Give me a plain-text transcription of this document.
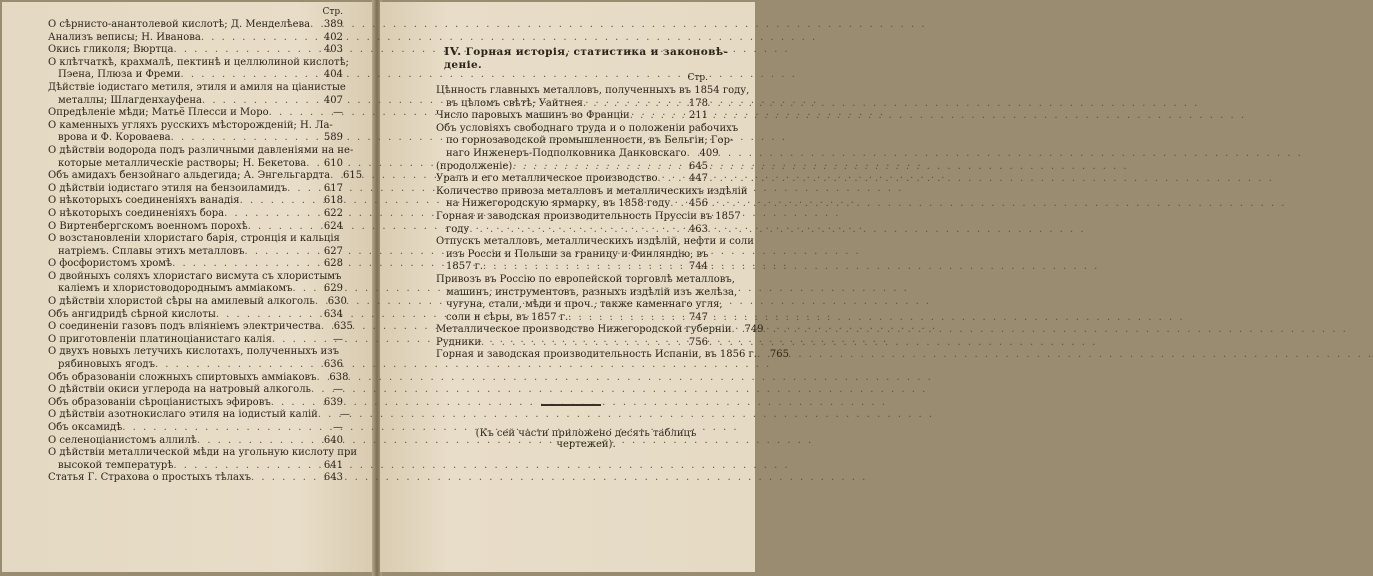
Стр.
О сѣрнисто-анантолевой кислотѣ; Д. Менделѣева . . .	389
Анализъ веписы; Н. Иванова . . .	402
Окись гликоля; Вюртца . . .	403
О клѣтчаткѣ, крахмалѣ, пектинѣ и целлюлиной кислотѣ;
Пэена, Плюза и Фреми . . .	404
Дѣйствіе іодистаго метиля, этиля и амиля на ціанистые
металлы; Шлагденхауфена . . .	407
Опредѣленіе мѣди; Матьё Плесси и Моро . . .	—
О каменныхъ угляхъ русскихъ мѣсторожденій; Н. Ла-
врова и Ф. Короваева . . .	589
О дѣйствіи водорода подъ различными давленіями на не-
которые металлическіе растворы; Н. Бекетова . . .	610
Объ амидахъ бензойнаго альдегида; А. Энгельгардта . . .	615
О дѣйствіи іодистаго этиля на бензоиламидъ . . .	617
О нѣкоторыхъ соединеніяхъ ванадія . . .	618
О нѣкоторыхъ соединеніяхъ бора . . .	622
О Виртенбергскомъ военномъ порохѣ . . .	624
О возстановленіи хлористаго барія, стронція и кальція
натріемъ. Сплавы этихъ металловъ . . .	627
О фосфористомъ хромѣ . . .	628
О двойныхъ соляхъ хлористаго висмута съ хлористымъ
каліемъ и хлористоводороднымъ амміакомъ . . .	629
О дѣйствіи хлористой сѣры на амилевый алкоголь . . .	630
Объ ангидридѣ сѣрной кислоты . . .	634
О соединеніи газовъ подъ вліяніемъ электричества . . .	635
О приготовленіи платиноціанистаго калія . . .	—
О двухъ новыхъ летучихъ кислотахъ, полученныхъ изъ
рябиновыхъ ягодъ . . .	636
Объ образованіи сложныхъ спиртовыхъ амміаковъ . . .	638
О дѣйствіи окиси углерода на натровый алкоголь . . .	—
Объ образованіи сѣроціанистыхъ эфировъ . . .	639
О дѣйствіи азотнокислаго этиля на іодистый калій . . .	—
Объ оксамидѣ . . .	—
О селеноціанистомъ аллилѣ . . .	640
О дѣйствіи металлической мѣди на угольную кислоту при
высокой температурѣ . . .	641
Статья Г. Страхова о простыхъ тѣлахъ . . .	643
IV. Горная исторія, статистика и законовѣ-
деніе.
Стр.
Цѣнность главныхъ металловъ, полученныхъ въ 1854 году,
въ цѣломъ свѣтѣ; Уайтнея . . .	178
Число паровыхъ машинъ во Франціи . . .	211
Объ условіяхъ свободнаго труда и о положеніи рабочихъ
по горнозаводской промышленности, въ Бельгіи; Гор-
наго Инженеръ-Подполковника Данковскаго . . .	409
(продолженіе) . . .	645
Уралъ и его металлическое производство . . .	447
Количество привоза металловъ и металлическихъ издѣлій
на Нижегородскую ярмарку, въ 1858 году . . .	456
Горная и заводская производительность Пруссіи въ 1857
году . . .	463
Отпускъ металловъ, металлическихъ издѣлій, нефти и соли
изъ Россіи и Польши за границу и Финляндію, въ
1857 г. . . .	744
Привозъ въ Россію по европейской торговлѣ металловъ,
машинъ, инструментовъ, разныхъ издѣлій изъ желѣза,
чугуна, стали, мѣди и проч., также каменнаго угля,
соли и сѣры, въ 1857 г. . . .	747
Металлическое производство Нижегородской губерніи . . .	749
Рудники . . .	756
Горная и заводская производительность Испаніи, въ 1856 г. . . .	765
(Къ сей части приложено десять таблицъ чертежей).
